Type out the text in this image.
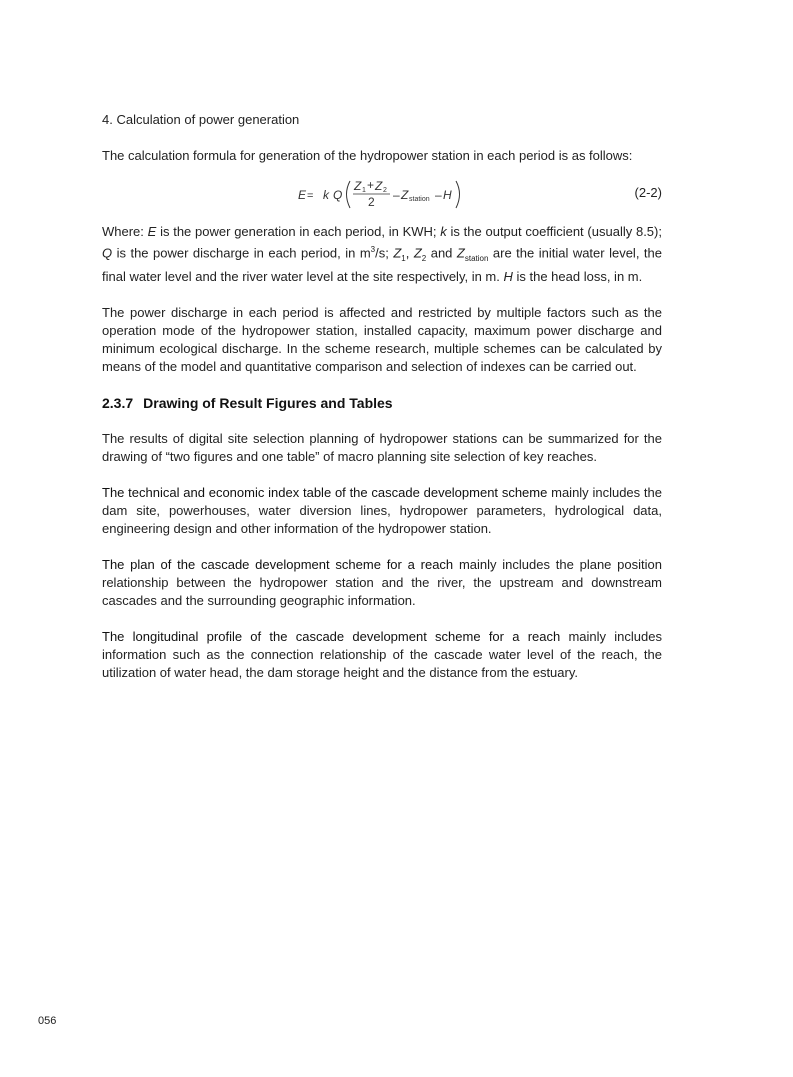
4. Calculation of power generation

The calculation formula for generation of the hydropower station in each period is as follows:

E = k Q
Z 1 + Z 2
2 – Z station – H	(2-2)

Where: E is the power generation in each period, in KWH; k is the output coefficient (usually 8.5); Q is the power discharge in each period, in $m^3/s$; $Z_1$, $Z_2$ and $Z_{station}$ are the initial water level, the final water level and the river water level at the site respectively, in m. H is the head loss, in m.

The power discharge in each period is affected and restricted by multiple factors such as the operation mode of the hydropower station, installed capacity, maximum power discharge and minimum ecological discharge. In the scheme research, multiple schemes can be calculated by means of the model and quantitative comparison and selection of indexes can be carried out.

2.3.7 Drawing of Result Figures and Tables

The results of digital site selection planning of hydropower stations can be summarized for the drawing of “two figures and one table” of macro planning site selection of key reaches.

The technical and economic index table of the cascade development scheme mainly includes the dam site, powerhouses, water diversion lines, hydropower parameters, hydrological data, engineering design and other information of the hydropower station.

The plan of the cascade development scheme for a reach mainly includes the plane position relationship between the hydropower station and the river, the upstream and downstream cascades and the surrounding geographic information.

The longitudinal profile of the cascade development scheme for a reach mainly includes information such as the connection relationship of the cascade water level of the reach, the utilization of water head, the dam storage height and the distance from the estuary.

056
